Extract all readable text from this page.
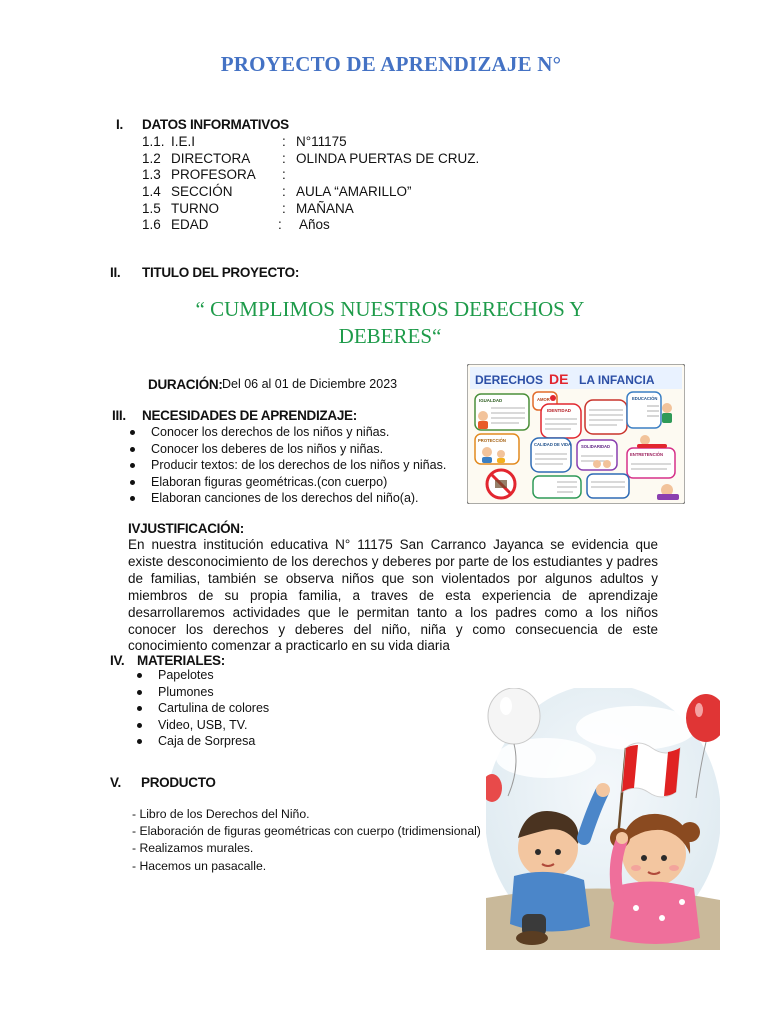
PROYECTO DE APRENDIZAJE N°
I. DATOS INFORMATIVOS
1.1. I.E.I	: N°11175
1.2 DIRECTORA : OLINDA PUERTAS DE CRUZ.
1.3 PROFESORA :
1.4 SECCIÓN	: AULA “AMARILLO”
1.5 TURNO	: MAÑANA
1.6 EDAD	: Años
II. TITULO DEL PROYECTO:
“ CUMPLIMOS NUESTROS DERECHOS Y
DEBERES“
DURACIÓN: Del 06 al 01 de Diciembre 2023
III. NECESIDADES DE APRENDIZAJE:
Conocer los derechos de los niños y niñas.
Conocer los deberes de los niños y niñas.
Producir textos: de los derechos de los niños y niñas.
Elaboran figuras geométricas.(con cuerpo)
Elaboran canciones de los derechos del niño(a).
DERECHOS DE LA INFANCIA
IGUALDAD	AMOR
IDENTIDAD
EDUCACIÓN
PROTECCIÓN
CALIDAD DE VIDA SOLIDARIDAD
ENTRETENCIÓN
IVJUSTIFICACIÓN:
En nuestra institución educativa N° 11175 San Carranco Jayanca se evidencia que existe desconocimiento de los derechos y deberes por parte de los estudiantes y padres de familias, también se observa niños que son violentados por algunos adultos y miembros de su propia familia, a traves de esta experiencia de aprendizaje desarrollaremos actividades que le permitan tanto a los padres como a los niños conocer los derechos y deberes del niño, niña y como consecuencia de este conocimiento comenzar a practicarlo en su vida diaria
IV. MATERIALES:
Papelotes
Plumones
Cartulina de colores
Video, USB, TV.
Caja de Sorpresa
V. PRODUCTO
- Libro de los Derechos del Niño.
- Elaboración de figuras geométricas con cuerpo (tridimensional)
- Realizamos murales.
- Hacemos un pasacalle.
